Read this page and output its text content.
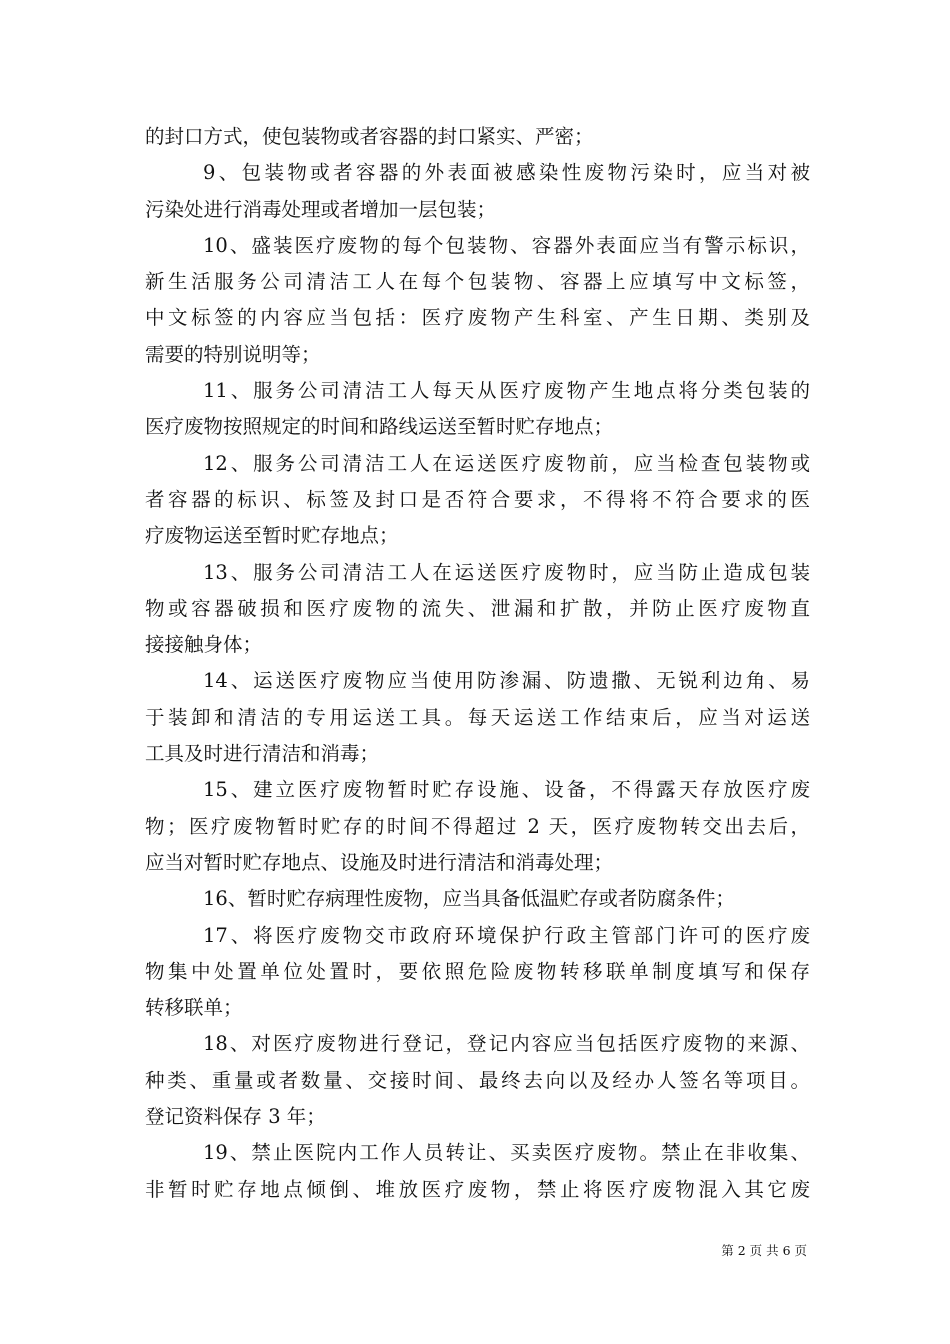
的封口方式，使包装物或者容器的封口紧实、严密；
9、包装物或者容器的外表面被感染性废物污染时，应当对被
污染处进行消毒处理或者增加一层包装；
10、盛装医疗废物的每个包装物、容器外表面应当有警示标识，
新生活服务公司清洁工人在每个包装物、容器上应填写中文标签，
中文标签的内容应当包括：医疗废物产生科室、产生日期、类别及
需要的特别说明等；
11、服务公司清洁工人每天从医疗废物产生地点将分类包装的
医疗废物按照规定的时间和路线运送至暂时贮存地点；
12、服务公司清洁工人在运送医疗废物前，应当检查包装物或
者容器的标识、标签及封口是否符合要求，不得将不符合要求的医
疗废物运送至暂时贮存地点；
13、服务公司清洁工人在运送医疗废物时，应当防止造成包装
物或容器破损和医疗废物的流失、泄漏和扩散，并防止医疗废物直
接接触身体；
14、运送医疗废物应当使用防渗漏、防遗撒、无锐利边角、易
于装卸和清洁的专用运送工具。每天运送工作结束后，应当对运送
工具及时进行清洁和消毒；
15、建立医疗废物暂时贮存设施、设备，不得露天存放医疗废
物；医疗废物暂时贮存的时间不得超过 2 天，医疗废物转交出去后，
应当对暂时贮存地点、设施及时进行清洁和消毒处理；
16、暂时贮存病理性废物，应当具备低温贮存或者防腐条件；
17、将医疗废物交市政府环境保护行政主管部门许可的医疗废
物集中处置单位处置时，要依照危险废物转移联单制度填写和保存
转移联单；
18、对医疗废物进行登记，登记内容应当包括医疗废物的来源、
种类、重量或者数量、交接时间、最终去向以及经办人签名等项目。
登记资料保存 3 年；
19、禁止医院内工作人员转让、买卖医疗废物。禁止在非收集、
非暂时贮存地点倾倒、堆放医疗废物，禁止将医疗废物混入其它废
第 2 页 共 6 页
